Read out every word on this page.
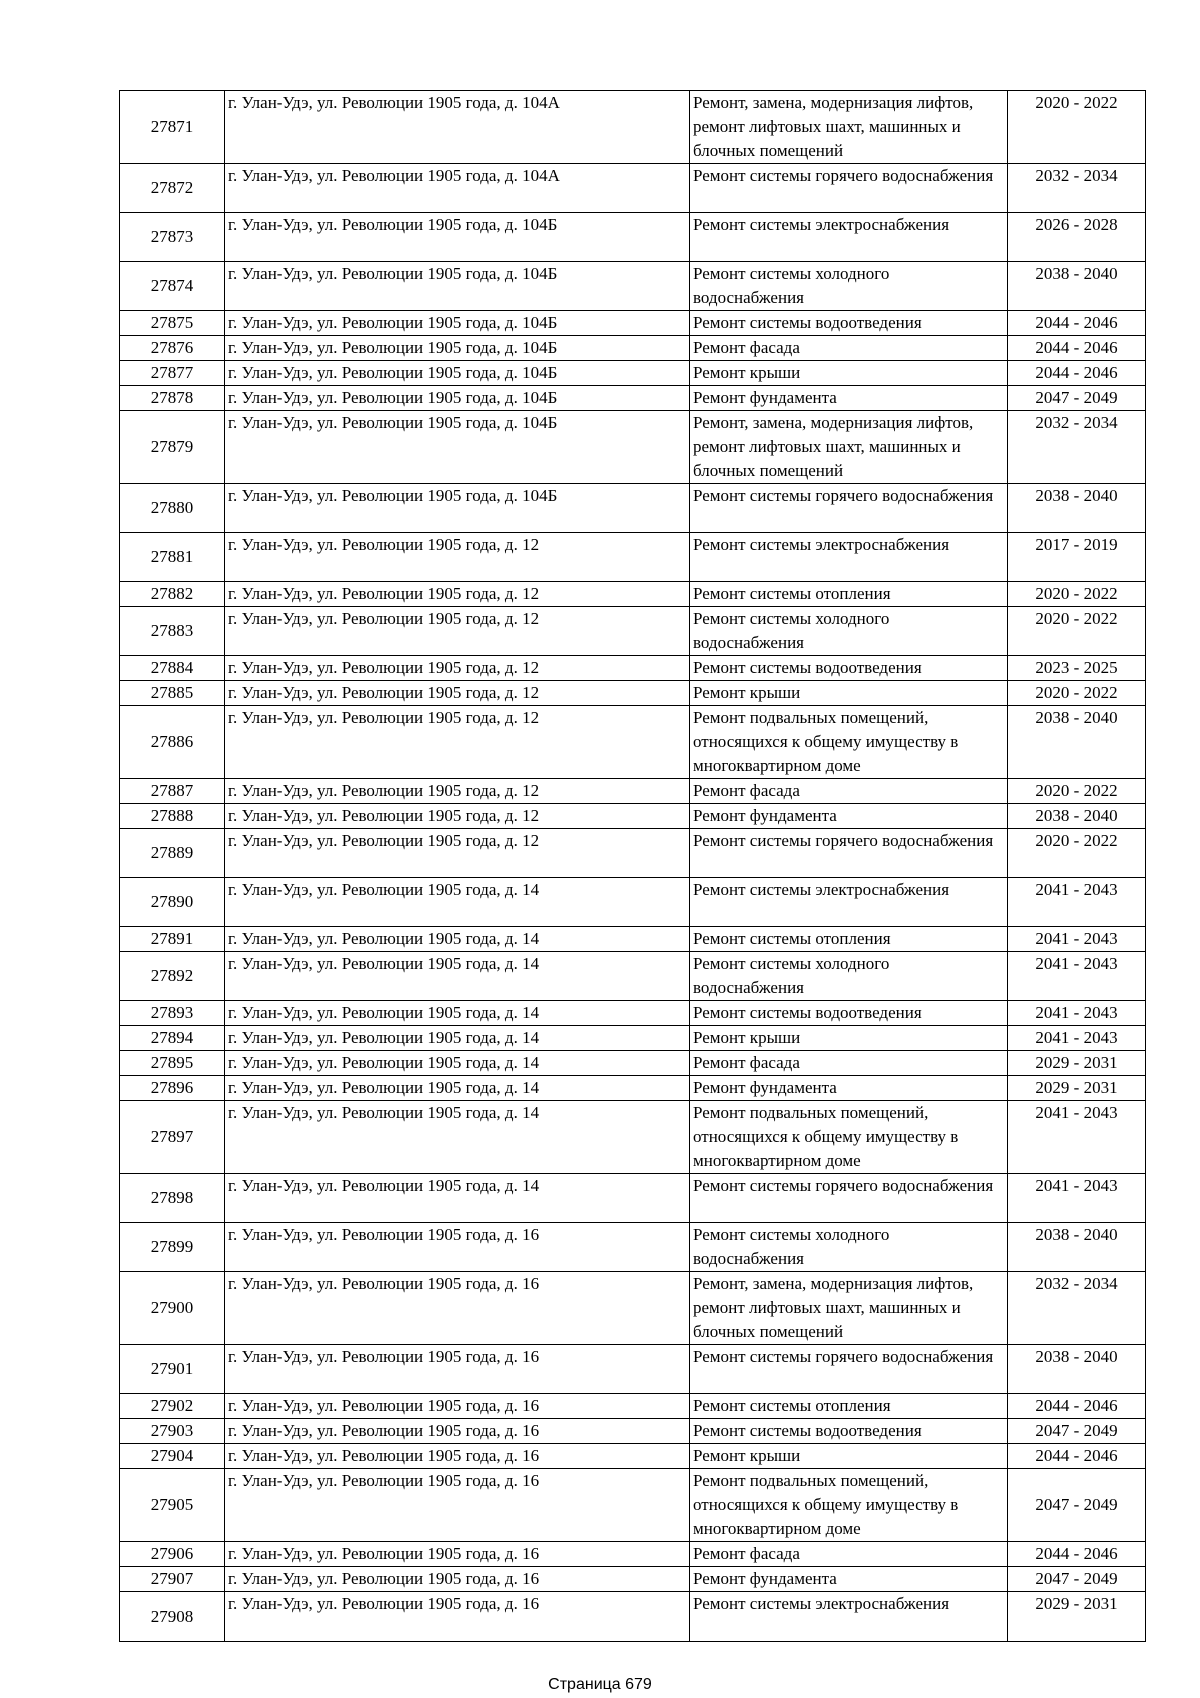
27871	г. Улан-Удэ, ул. Революции 1905 года, д. 104А	Ремонт, замена, модернизация лифтов, ремонт лифтовых шахт, машинных и блочных помещений	2020 - 2022
27872	г. Улан-Удэ, ул. Революции 1905 года, д. 104А	Ремонт системы горячего водоснабжения	2032 - 2034
27873	г. Улан-Удэ, ул. Революции 1905 года, д. 104Б	Ремонт системы электроснабжения	2026 - 2028
27874	г. Улан-Удэ, ул. Революции 1905 года, д. 104Б	Ремонт системы холодного водоснабжения	2038 - 2040
27875	г. Улан-Удэ, ул. Революции 1905 года, д. 104Б	Ремонт системы водоотведения	2044 - 2046
27876	г. Улан-Удэ, ул. Революции 1905 года, д. 104Б	Ремонт фасада	2044 - 2046
27877	г. Улан-Удэ, ул. Революции 1905 года, д. 104Б	Ремонт крыши	2044 - 2046
27878	г. Улан-Удэ, ул. Революции 1905 года, д. 104Б	Ремонт фундамента	2047 - 2049
27879	г. Улан-Удэ, ул. Революции 1905 года, д. 104Б	Ремонт, замена, модернизация лифтов, ремонт лифтовых шахт, машинных и блочных помещений	2032 - 2034
27880	г. Улан-Удэ, ул. Революции 1905 года, д. 104Б	Ремонт системы горячего водоснабжения	2038 - 2040
27881	г. Улан-Удэ, ул. Революции 1905 года, д. 12	Ремонт системы электроснабжения	2017 - 2019
27882	г. Улан-Удэ, ул. Революции 1905 года, д. 12	Ремонт системы отопления	2020 - 2022
27883	г. Улан-Удэ, ул. Революции 1905 года, д. 12	Ремонт системы холодного водоснабжения	2020 - 2022
27884	г. Улан-Удэ, ул. Революции 1905 года, д. 12	Ремонт системы водоотведения	2023 - 2025
27885	г. Улан-Удэ, ул. Революции 1905 года, д. 12	Ремонт крыши	2020 - 2022
27886	г. Улан-Удэ, ул. Революции 1905 года, д. 12	Ремонт подвальных помещений, относящихся к общему имуществу в многоквартирном доме	2038 - 2040
27887	г. Улан-Удэ, ул. Революции 1905 года, д. 12	Ремонт фасада	2020 - 2022
27888	г. Улан-Удэ, ул. Революции 1905 года, д. 12	Ремонт фундамента	2038 - 2040
27889	г. Улан-Удэ, ул. Революции 1905 года, д. 12	Ремонт системы горячего водоснабжения	2020 - 2022
27890	г. Улан-Удэ, ул. Революции 1905 года, д. 14	Ремонт системы электроснабжения	2041 - 2043
27891	г. Улан-Удэ, ул. Революции 1905 года, д. 14	Ремонт системы отопления	2041 - 2043
27892	г. Улан-Удэ, ул. Революции 1905 года, д. 14	Ремонт системы холодного водоснабжения	2041 - 2043
27893	г. Улан-Удэ, ул. Революции 1905 года, д. 14	Ремонт системы водоотведения	2041 - 2043
27894	г. Улан-Удэ, ул. Революции 1905 года, д. 14	Ремонт крыши	2041 - 2043
27895	г. Улан-Удэ, ул. Революции 1905 года, д. 14	Ремонт фасада	2029 - 2031
27896	г. Улан-Удэ, ул. Революции 1905 года, д. 14	Ремонт фундамента	2029 - 2031
27897	г. Улан-Удэ, ул. Революции 1905 года, д. 14	Ремонт подвальных помещений, относящихся к общему имуществу в многоквартирном доме	2041 - 2043
27898	г. Улан-Удэ, ул. Революции 1905 года, д. 14	Ремонт системы горячего водоснабжения	2041 - 2043
27899	г. Улан-Удэ, ул. Революции 1905 года, д. 16	Ремонт системы холодного водоснабжения	2038 - 2040
27900	г. Улан-Удэ, ул. Революции 1905 года, д. 16	Ремонт, замена, модернизация лифтов, ремонт лифтовых шахт, машинных и блочных помещений	2032 - 2034
27901	г. Улан-Удэ, ул. Революции 1905 года, д. 16	Ремонт системы горячего водоснабжения	2038 - 2040
27902	г. Улан-Удэ, ул. Революции 1905 года, д. 16	Ремонт системы отопления	2044 - 2046
27903	г. Улан-Удэ, ул. Революции 1905 года, д. 16	Ремонт системы водоотведения	2047 - 2049
27904	г. Улан-Удэ, ул. Революции 1905 года, д. 16	Ремонт крыши	2044 - 2046
27905	г. Улан-Удэ, ул. Революции 1905 года, д. 16	Ремонт подвальных помещений, относящихся к общему имуществу в многоквартирном доме	2047 - 2049
27906	г. Улан-Удэ, ул. Революции 1905 года, д. 16	Ремонт фасада	2044 - 2046
27907	г. Улан-Удэ, ул. Революции 1905 года, д. 16	Ремонт фундамента	2047 - 2049
27908	г. Улан-Удэ, ул. Революции 1905 года, д. 16	Ремонт системы электроснабжения	2029 - 2031
Страница 679
